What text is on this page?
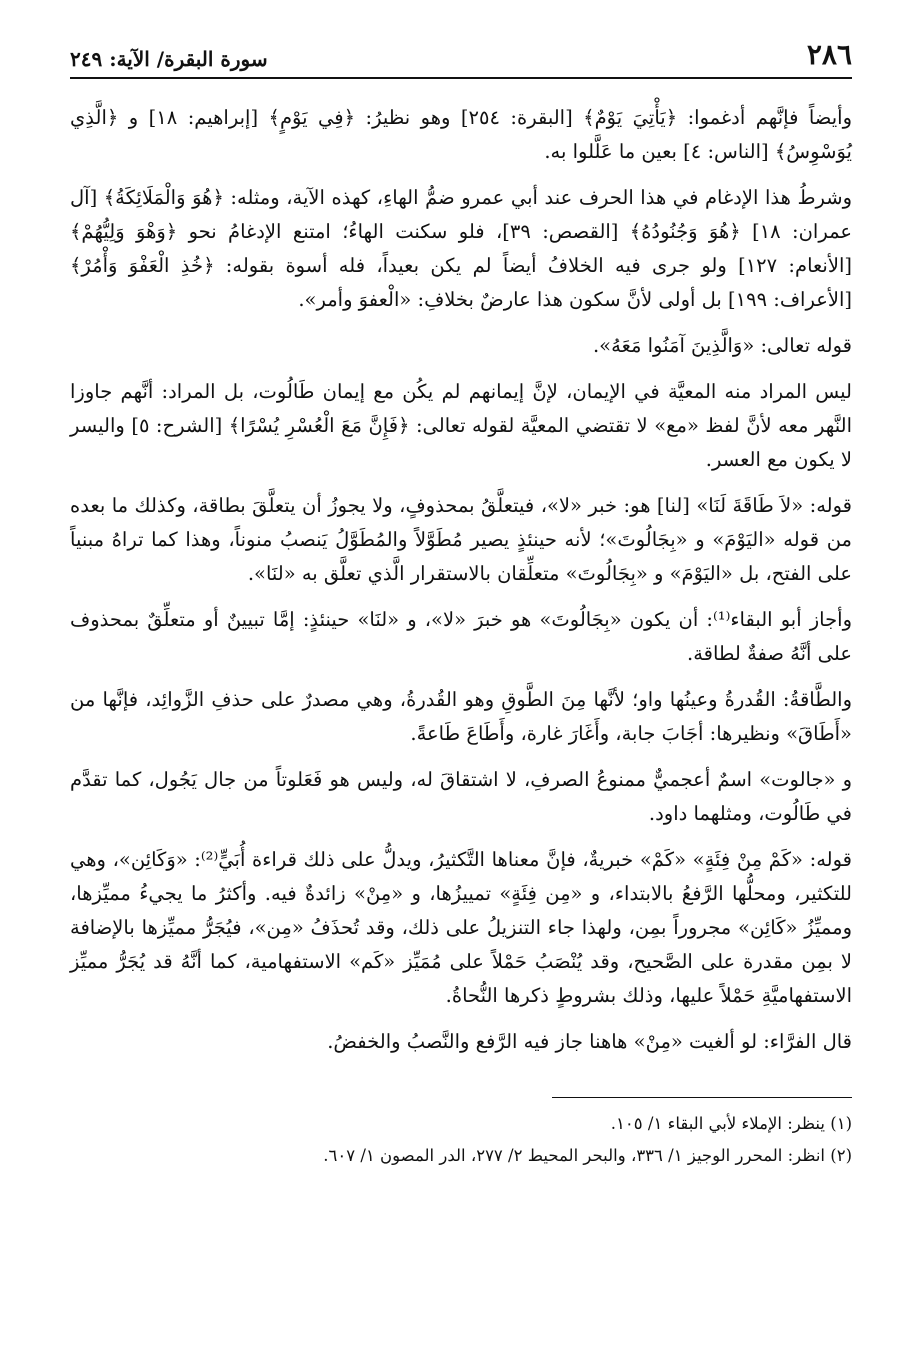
٢٨٦
سورة البقرة/ الآية: ٢٤٩

وأيضاً فإنَّهم أدغموا: ﴿يَأْتِيَ يَوْمٌ﴾ [البقرة: ٢٥٤] وهو نظيرُ: ﴿فِي يَوْمٍ﴾ [إبراهيم: ١٨] و ﴿الَّذِي يُوَسْوِسُ﴾ [الناس: ٤] بعين ما عَلَّلوا به.

وشرطُ هذا الإدغام في هذا الحرف عند أبي عمرو ضمُّ الهاءِ، كهذه الآية، ومثله: ﴿هُوَ وَالْمَلَائِكَةُ﴾ [آل عمران: ١٨] ﴿هُوَ وَجُنُودُهُ﴾ [القصص: ٣٩]، فلو سكنت الهاءُ؛ امتنع الإدغامُ نحو ﴿وَهْوَ وَلِيُّهُمْ﴾ [الأنعام: ١٢٧] ولو جرى فيه الخلافُ أيضاً لم يكن بعيداً، فله أسوة بقوله: ﴿خُذِ الْعَفْوَ وَأْمُرْ﴾ [الأعراف: ١٩٩] بل أولى لأنَّ سكون هذا عارضٌ بخلافِ: «الْعفوَ وأمر».

قوله تعالى: «وَالَّذِينَ آمَنُوا مَعَهُ».

ليس المراد منه المعيَّة في الإيمان، لإنَّ إيمانهم لم يكُن مع إيمان طَالُوت، بل المراد: أنَّهم جاوزا النَّهر معه لأنَّ لفظ «مع» لا تقتضي المعيَّة لقوله تعالى: ﴿فَإِنَّ مَعَ الْعُسْرِ يُسْرًا﴾ [الشرح: ٥] واليسر لا يكون مع العسر.

قوله: «لاَ طَاقَةَ لَنَا» [لنا] هو: خبر «لا»، فيتعلَّقُ بمحذوفٍ، ولا يجوزُ أن يتعلَّقَ بطاقة، وكذلك ما بعده من قوله «اليَوْمَ» و «بِجَالُوتَ»؛ لأنه حينئذٍ يصير مُطَوَّلاً والمُطَوَّلُ يَنصبُ منوناً، وهذا كما تراهُ مبنياً على الفتح، بل «اليَوْمَ» و «بِجَالُوتَ» متعلِّقان بالاستقرار الَّذي تعلَّق به «لنَا».

وأجاز أبو البقاء⁽¹⁾: أن يكون «بِجَالُوتَ» هو خبرَ «لا»، و «لنَا» حينئذٍ: إمَّا تبيينٌ أو متعلِّقٌ بمحذوف على أنَّهُ صفةٌ لطاقة.

والطَّاقةُ: القُدرةُ وعينُها واو؛ لأنَّها مِنَ الطَّوقِ وهو القُدرةُ، وهي مصدرٌ على حذفِ الزَّوائِد، فإنَّها من «أَطَاقَ» ونظيرها: أجَابَ جابة، وأَغَارَ غارة، وأَطَاعَ طَاعةً.

و «جالوت» اسمٌ أعجميٌّ ممنوعُ الصرفِ، لا اشتقاقَ له، وليس هو فَعَلوتاً من جال يَجُول، كما تقدَّم في طَالُوت، ومثلهما داود.

قوله: «كَمْ مِنْ فِئَةٍ» «كَمْ» خبريةٌ، فإنَّ معناها التَّكثيرُ، ويدلُّ على ذلك قراءة أُبَيٍّ⁽²⁾: «وَكَائِن»، وهي للتكثير، ومحلُّها الرَّفعُ بالابتداء، و «مِن فِئَةٍ» تمييزُها، و «مِنْ» زائدةٌ فيه. وأكثرُ ما يجيءُ مميِّزها، ومميِّزُ «كَائِن» مجروراً بمِن، ولهذا جاء التنزيلُ على ذلك، وقد تُحذَفُ «مِن»، فيُجَرُّ مميِّزها بالإضافة لا بمِن مقدرة على الصَّحيح، وقد يُنْصَبُ حَمْلاً على مُمَيِّز «كَم» الاستفهامية، كما أنَّهُ قد يُجَرُّ مميِّز الاستفهاميَّةِ حَمْلاً عليها، وذلك بشروطٍ ذكرها النُّحاةُ.

قال الفرَّاء: لو ألغيت «مِنْ» هاهنا جاز فيه الرَّفع والنَّصبُ والخفضُ.

(١) ينظر: الإملاء لأبي البقاء ١/ ١٠٥.

(٢) انظر: المحرر الوجيز ١/ ٣٣٦، والبحر المحيط ٢/ ٢٧٧، الدر المصون ١/ ٦٠٧.
